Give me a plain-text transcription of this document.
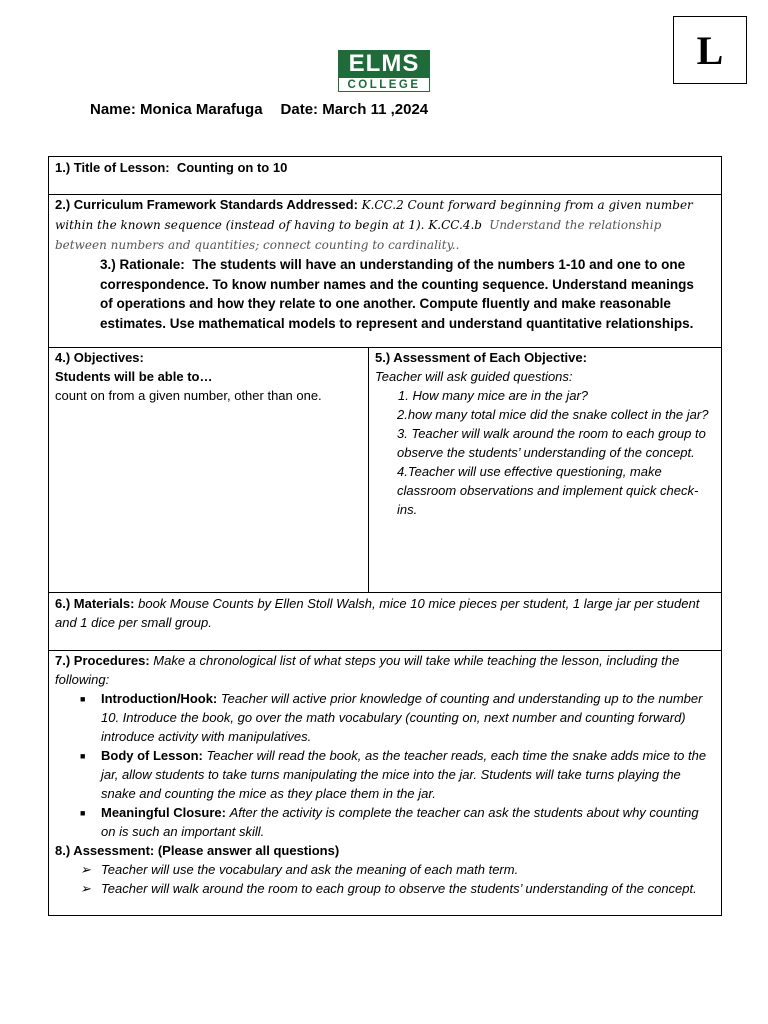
L
ELMS
COLLEGE
Name: Monica Marafuga Date: March 11 ,2024
1.) Title of Lesson: Counting on to 10
2.) Curriculum Framework Standards Addressed: K.CC.2 Count forward beginning from a given number within the known sequence (instead of having to begin at 1). K.CC.4.b Understand the relationship between numbers and quantities; connect counting to cardinality..
3.) Rationale: The students will have an understanding of the numbers 1-10 and one to one correspondence. To know number names and the counting sequence. Understand meanings of operations and how they relate to one another. Compute fluently and make reasonable estimates. Use mathematical models to represent and understand quantitative relationships.
4.) Objectives:
Students will be able to…
count on from a given number, other than one.
5.) Assessment of Each Objective:
Teacher will ask guided questions:
1. How many mice are in the jar?
2.how many total mice did the snake collect in the jar?
3. Teacher will walk around the room to each group to observe the students’ understanding of the concept.
4.Teacher will use effective questioning, make classroom observations and implement quick check-ins.
6.) Materials: book Mouse Counts by Ellen Stoll Walsh, mice 10 mice pieces per student, 1 large jar per student and 1 dice per small group.
7.) Procedures: Make a chronological list of what steps you will take while teaching the lesson, including the following:
■ Introduction/Hook: Teacher will active prior knowledge of counting and understanding up to the number 10. Introduce the book, go over the math vocabulary (counting on, next number and counting forward) introduce activity with manipulatives.
■ Body of Lesson: Teacher will read the book, as the teacher reads, each time the snake adds mice to the jar, allow students to take turns manipulating the mice into the jar. Students will take turns playing the snake and counting the mice as they place them in the jar.
■ Meaningful Closure: After the activity is complete the teacher can ask the students about why counting on is such an important skill.
8.) Assessment: (Please answer all questions)
➢ Teacher will use the vocabulary and ask the meaning of each math term.
➢ Teacher will walk around the room to each group to observe the students’ understanding of the concept.
